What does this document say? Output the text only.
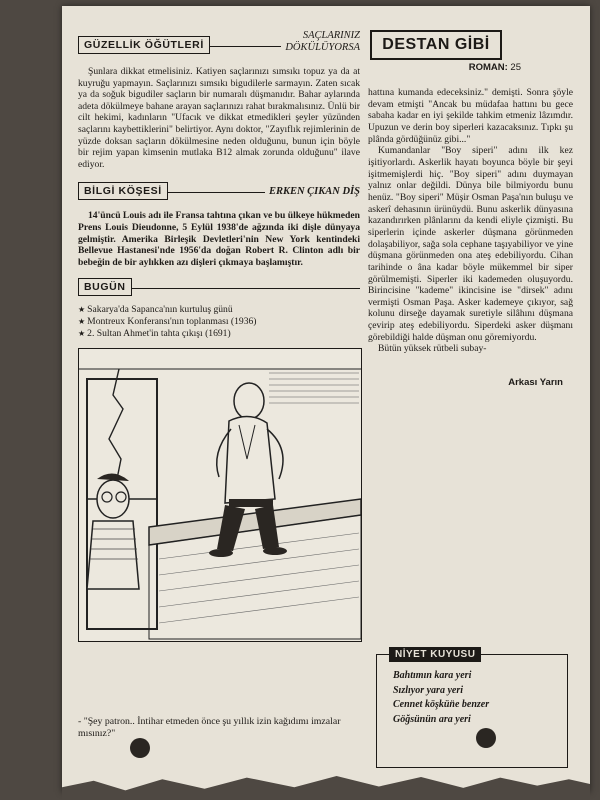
GÜZELLİK ÖĞÜTLERİ
SAÇLARINIZ
DÖKÜLÜYORSA

Şunlara dikkat etmelisiniz. Katiyen saçlarınızı sımsıkı topuz ya da at kuyruğu yapmayın. Saçlarınızı sımsıkı bigudilerle sarmayın. Zaten sıcak ya da soğuk bigudiler saçların bir numaralı düşmanıdır. Bahar aylarında adeta dökülmeye bahane arayan saçlarınızı rahat bırakmalısınız. Ünlü bir cilt hekimi, kadınların "Ufacık ve dikkat etmedikleri şeyler yüzünden saçlarını kaybettiklerini" belirtiyor. Aynı doktor, "Zayıflık rejimlerinin de yüzde doksan saçların dökülmesine neden olduğunu, bunun için böyle bir rejim yapan kimsenin mutlaka B12 almak zorunda olduğunu" ilave ediyor.

BİLGİ KÖŞESİ	ERKEN ÇIKAN DİŞ

14'üncü Louis adı ile Fransa tahtına çıkan ve bu ülkeye hükmeden Prens Louis Dieudonne, 5 Eylül 1938'de ağzında iki dişle dünyaya gelmiştir. Amerika Birleşik Devletleri'nin New York kentindeki Bellevue Hastanesi'nde 1956'da doğan Robert R. Clinton adlı bir bebeğin de bir aylıkken azı dişleri çıkmaya başlamıştır.

BUGÜN
★ Sakarya'da Sapanca'nın kurtuluş günü
★ Montreux Konferansı'nın toplanması (1936)
★ 2. Sultan Ahmet'in tahta çıkışı (1691)
- "Şey patron.. İntihar etmeden önce şu yıllık izin kağıdımı imzalar mısınız?"
DESTAN GİBİ
ROMAN: 25

hattına kumanda edeceksiniz." demişti. Sonra şöyle devam etmişti "Ancak bu müdafaa hattını bu gece sabaha kadar en iyi şekilde tahkim etmeniz lâzımdır. Upuzun ve derin boy siperleri kazacaksınız. Tıpkı şu plânda gördüğünüz gibi..."

Kumandanlar "Boy siperi" adını ilk kez işitiyorlardı. Askerlik hayatı boyunca böyle bir şeyi işitmemişlerdi hiç. "Boy siperi" adını duymayan yalnız onlar değildi. Dünya bile bilmiyordu bunu henüz. "Boy siperi" Müşir Osman Paşa'nın buluşu ve askerî dehasının ürünüydü. Bunu askerlik dünyasına kazandırırken plânlarını da kendi eliyle çizmişti. Bu siperlerin içinde askerler düşmana görünmeden dolaşabiliyor, sağa sola cephane taşıyabiliyor ve yine düşmana görünmeden ona ateş edebiliyordu. Cihan tarihinde o âna kadar böyle mükemmel bir siper görülmemişti. Siperler iki kademeden oluşuyordu. Birincisine "kademe" ikincisine ise "dirsek" adını vermişti Osman Paşa. Asker kademeye çıkıyor, sağ kolunu dirseğe dayamak suretiyle silâhını düşmana çevirip ateş edebiliyordu. Siperdeki asker düşmanı görebildiği halde düşman onu göremiyordu.

Bütün yüksek rütbeli subay-

Arkası Yarın
NİYET KUYUSU
Bahtımın kara yeri
Sızlıyor yara yeri
Cennet köşkün̈e benzer
Göğsünün ara yeri
